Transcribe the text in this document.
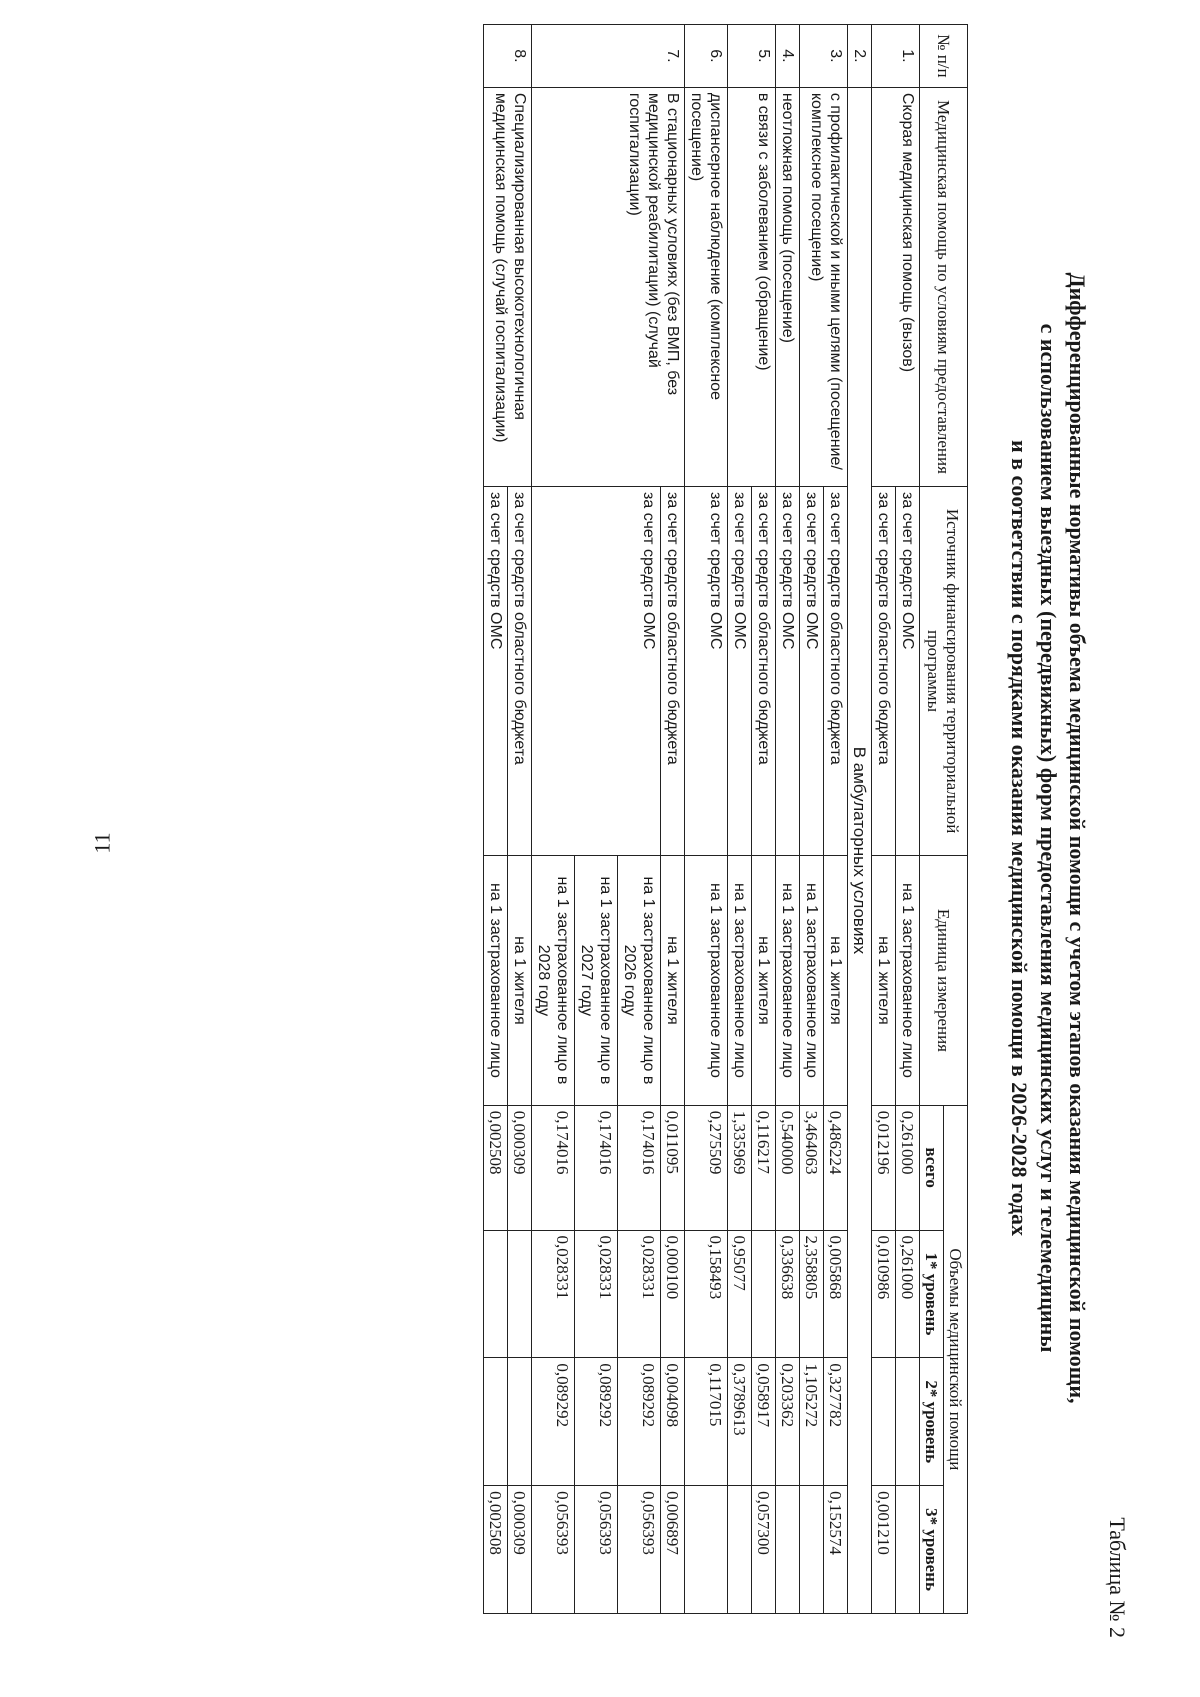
11
Таблица № 2
Дифференцированные нормативы объема медицинской помощи с учетом этапов оказания медицинской помощи,
с использованием выездных (передвижных) форм предоставления медицинских услуг и телемедицины
и в соответствии с порядками оказания медицинской помощи в 2026-2028 годах
№ п/п	Медицинская помощь по условиям предоставления	Источник финансирования территориальной программы	Единица измерения	Объемы медицинской помощи			
				всего	1* уровень	2* уровень	3* уровень
1.	Скорая медицинская помощь (вызов)	за счет средств ОМС	на 1 застрахованное лицо	0,261000	0,261000		
		за счет средств областного бюджета	на 1 жителя	0,012196	0,010986		0,001210
2.	В амбулаторных условиях						
3.	с профилактической и иными целями (посещение/комплексное посещение)	за счет средств областного бюджета	на 1 жителя	0,486224	0,005868	0,327782	0,152574
		за счет средств ОМС	на 1 застрахованное лицо	3,464063	2,358805	1,105272	
4.	неотложная помощь (посещение)	за счет средств ОМС	на 1 застрахованное лицо	0,540000	0,336638	0,203362	
5.	в связи с заболеванием (обращение)	за счет средств областного бюджета	на 1 жителя	0,116217		0,058917	0,057300
		за счет средств ОМС	на 1 застрахованное лицо	1,335969	0,95077	0,3789613	
6.	диспансерное наблюдение (комплексное посещение)	за счет средств ОМС	на 1 застрахованное лицо	0,275509	0,158493	0,117015	
7.	В стационарных условиях (без ВМП, без медицинской реабилитации) (случай госпитализации)	за счет средств областного бюджета	на 1 жителя	0,011095	0,000100	0,004098	0,006897
		за счет средств ОМС	на 1 застрахованное лицо в 2026 году	0,174016	0,028331	0,089292	0,056393
			на 1 застрахованное лицо в 2027 году	0,174016	0,028331	0,089292	0,056393
			на 1 застрахованное лицо в 2028 году	0,174016	0,028331	0,089292	0,056393
8.	Специализированная высокотехнологичная медицинская помощь (случай госпитализации)	за счет средств областного бюджета	на 1 жителя	0,000309			0,000309
		за счет средств ОМС	на 1 застрахованное лицо	0,002508			0,002508
